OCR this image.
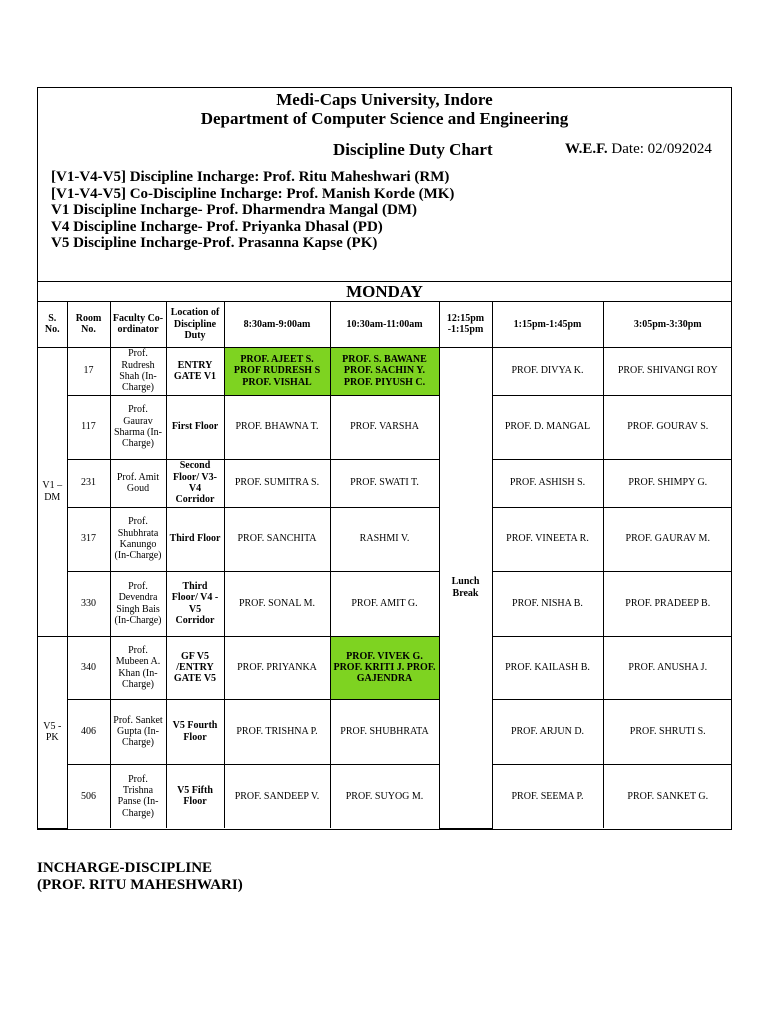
Medi-Caps University, Indore
Department of Computer Science and Engineering
Discipline Duty Chart	W.E.F. Date: 02/092024
[V1-V4-V5] Discipline Incharge: Prof. Ritu Maheshwari (RM)
[V1-V4-V5] Co-Discipline Incharge: Prof. Manish Korde (MK)
V1 Discipline Incharge- Prof. Dharmendra Mangal (DM)
V4 Discipline Incharge- Prof. Priyanka Dhasal (PD)
V5 Discipline Incharge-Prof. Prasanna Kapse (PK)
MONDAY
S. No.	Room No.	Faculty Co-ordinator	Location of Discipline Duty	8:30am-9:00am	10:30am-11:00am	12:15pm -1:15pm	1:15pm-1:45pm	3:05pm-3:30pm
V1 – DM	17	Prof. Rudresh Shah (In-Charge)	ENTRY GATE V1	PROF. AJEET S. PROF RUDRESH S PROF. VISHAL	PROF. S. BAWANE PROF. SACHIN Y. PROF. PIYUSH C.	Lunch Break	PROF. DIVYA K.	PROF. SHIVANGI ROY
	117	Prof. Gaurav Sharma (In-Charge)	First Floor	PROF. BHAWNA T.	PROF. VARSHA		PROF. D. MANGAL	PROF. GOURAV S.
	231	Prof. Amit Goud	Second Floor/ V3-V4 Corridor	PROF. SUMITRA S.	PROF. SWATI T.		PROF. ASHISH S.	PROF. SHIMPY G.
	317	Prof. Shubhrata Kanungo (In-Charge)	Third Floor	PROF. SANCHITA	RASHMI V.		PROF. VINEETA R.	PROF. GAURAV M.
	330	Prof. Devendra Singh Bais (In-Charge)	Third Floor/ V4 - V5 Corridor	PROF. SONAL M.	PROF. AMIT G.		PROF. NISHA B.	PROF. PRADEEP B.
V5 - PK	340	Prof. Mubeen A. Khan (In-Charge)	GF V5 /ENTRY GATE V5	PROF. PRIYANKA	PROF. VIVEK G. PROF. KRITI J. PROF. GAJENDRA		PROF. KAILASH B.	PROF. ANUSHA J.
	406	Prof. Sanket Gupta (In-Charge)	V5 Fourth Floor	PROF. TRISHNA P.	PROF. SHUBHRATA		PROF. ARJUN D.	PROF. SHRUTI S.
	506	Prof. Trishna Panse (In-Charge)	V5 Fifth Floor	PROF. SANDEEP V.	PROF. SUYOG M.		PROF. SEEMA P.	PROF. SANKET G.
INCHARGE-DISCIPLINE
(PROF. RITU MAHESHWARI)
